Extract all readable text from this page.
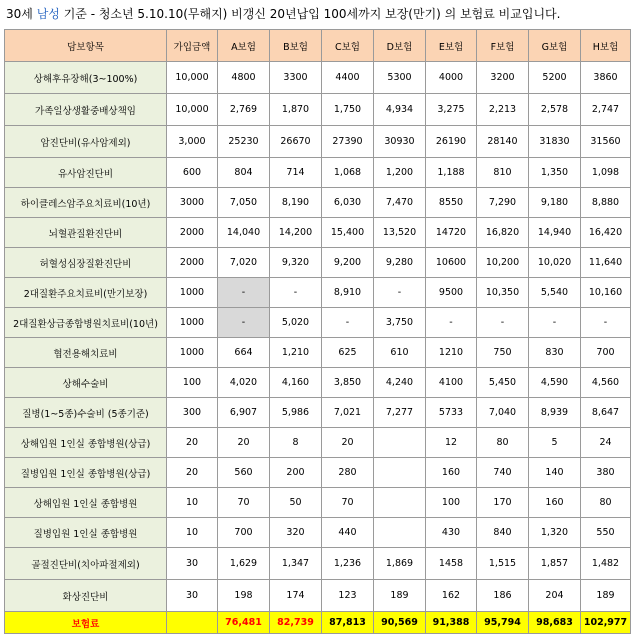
30세 남성 기준 - 청소년 5.10.10(무해지) 비갱신 20년납입 100세까지 보장(만기) 의 보험료 비교입니다.
담보항목	가입금액	A보험	B보험	C보험	D보험	E보험	F보험	G보험	H보험
상해후유장해(3~100%)	10,000	4800	3300	4400	5300	4000	3200	5200	3860
가족일상생활중배상책임	10,000	2,769	1,870	1,750	4,934	3,275	2,213	2,578	2,747
암진단비(유사암제외)	3,000	25230	26670	27390	30930	26190	28140	31830	31560
유사암진단비	600	804	714	1,068	1,200	1,188	810	1,350	1,098
하이클레스암주요치료비(10년)	3000	7,050	8,190	6,030	7,470	8550	7,290	9,180	8,880
뇌혈관질환진단비	2000	14,040	14,200	15,400	13,520	14720	16,820	14,940	16,420
허혈성심장질환진단비	2000	7,020	9,320	9,200	9,280	10600	10,200	10,020	11,640
2대질환주요치료비(만기보장)	1000	-	-	8,910	-	9500	10,350	5,540	10,160
2대질환상급종합병원치료비(10년)	1000	-	5,020	-	3,750	-	-	-	-
협전용해치료비	1000	664	1,210	625	610	1210	750	830	700
상해수술비	100	4,020	4,160	3,850	4,240	4100	5,450	4,590	4,560
질병(1~5종)수술비 (5종기준)	300	6,907	5,986	7,021	7,277	5733	7,040	8,939	8,647
상해입원 1인실 종합병원(상급)	20	20	8	20		12	80	5	24
질병입원 1인실 종합병원(상급)	20	560	200	280		160	740	140	380
상해입원 1인실 종합병원	10	70	50	70		100	170	160	80
질병입원 1인실 종합병원	10	700	320	440		430	840	1,320	550
골절진단비(치아파절제외)	30	1,629	1,347	1,236	1,869	1458	1,515	1,857	1,482
화상진단비	30	198	174	123	189	162	186	204	189
보험료		76,481	82,739	87,813	90,569	91,388	95,794	98,683	102,977
